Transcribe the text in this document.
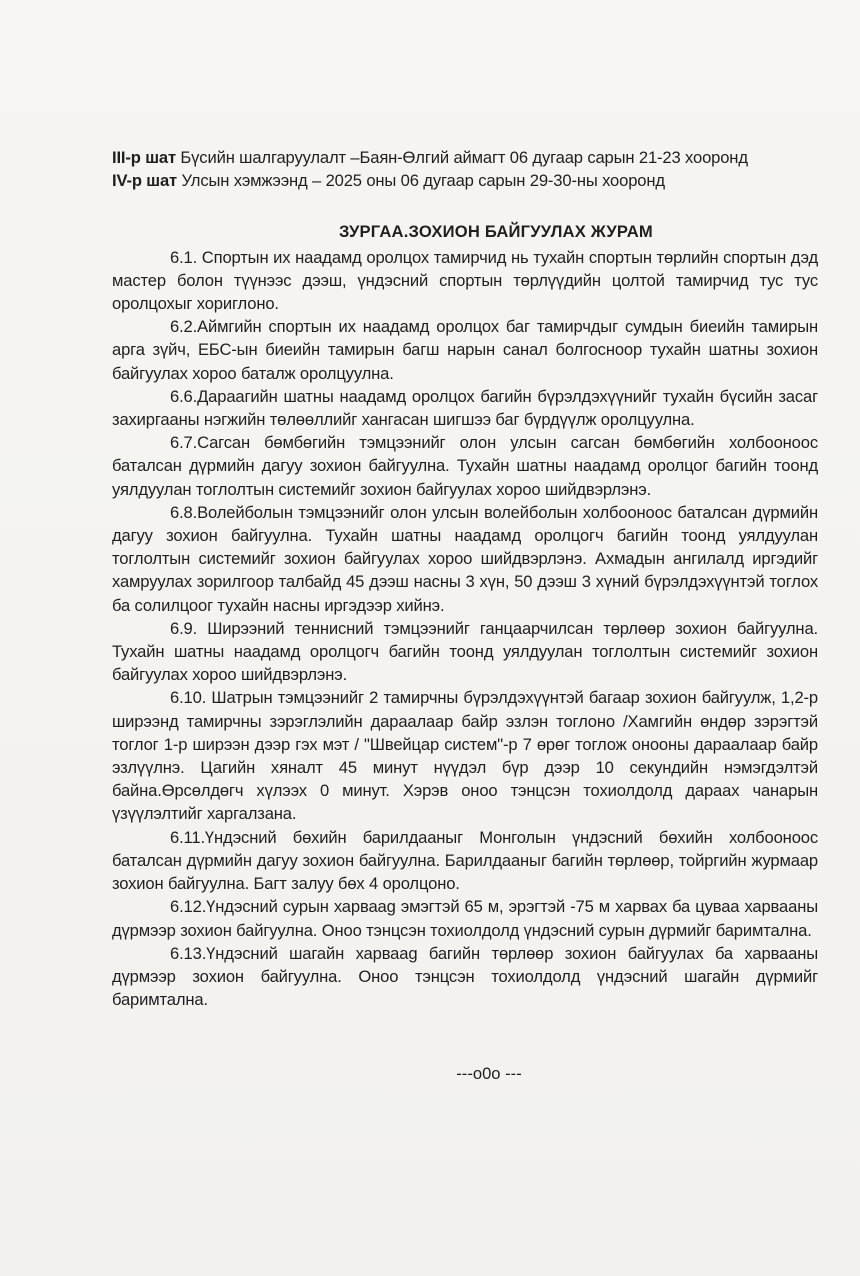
III-р шат Бүсийн шалгаруулалт –Баян-Өлгий аймагт 06 дугаар сарын 21-23 хооронд

IV-р шат Улсын хэмжээнд – 2025 оны 06 дугаар сарын 29-30-ны хооронд

ЗУРГАА.ЗОХИОН БАЙГУУЛАХ ЖУРАМ

6.1. Спортын их наадамд оролцох тамирчид нь тухайн спортын төрлийн спортын дэд мастер болон түүнээс дээш, үндэсний спортын төрлүүдийн цолтой тамирчид тус тус оролцохыг хориглоно.

6.2.Аймгийн спортын их наадамд оролцох баг тамирчдыг сумдын биеийн тамирын арга зүйч, ЕБС-ын биеийн тамирын багш нарын санал болгосноор тухайн шатны зохион байгуулах хороо баталж оролцуулна.

6.6.Дараагийн шатны наадамд оролцох багийн бүрэлдэхүүнийг тухайн бүсийн засаг захиргааны нэгжийн төлөөллийг хангасан шигшээ баг бүрдүүлж оролцуулна.

6.7.Сагсан бөмбөгийн тэмцээнийг олон улсын сагсан бөмбөгийн холбоонoос баталсан дүрмийн дагуу зохион байгуулна. Тухайн шатны наадамд оролцог багийн тоонд уялдуулан тоглолтын системийг зохион байгуулах хороо шийдвэрлэнэ.

6.8.Волейболын тэмцээнийг олон улсын волейболын холбоонoос баталсан дүрмийн дагуу зохион байгуулна. Тухайн шатны наадамд оролцогч багийн тоонд уялдуулан тоглолтын системийг зохион байгуулах хороо шийдвэрлэнэ. Ахмадын ангилалд иргэдийг хамруулах зорилгоор талбайд 45 дээш насны 3 хүн, 50 дээш 3 хүний бүрэлдэхүүнтэй тоглох ба солилцоог тухайн насны иргэдээр хийнэ.

6.9. Ширээний теннисний тэмцээнийг ганцаарчилсан төрлөөр зохион байгуулна. Тухайн шатны наадамд оролцогч багийн тоонд уялдуулан тоглолтын системийг зохион байгуулах хороо шийдвэрлэнэ.

6.10. Шатрын тэмцээнийг 2 тамирчны бүрэлдэхүүнтэй багаар зохион байгуулж, 1,2-р ширээнд тамирчны зэрэглэлийн дараалаар байр эзлэн тоглоно /Хамгийн өндөр зэрэгтэй тоглог 1-р ширээн дээр гэх мэт / "Швейцар систем"-р 7 өрөг тоглож онооны дараалаар байр эзлүүлнэ. Цагийн хяналт 45 минут нүүдэл бүр дээр 10 секундийн нэмэгдэлтэй байна.Өрсөлдөгч хүлээх 0 минут. Хэрэв оноо тэнцсэн тохиолдолд дараах чанарын үзүүлэлтийг харгалзана.

6.11.Үндэсний бөхийн барилдааныг Монголын үндэсний бөхийн холбоонoос баталсан дүрмийн дагуу зохион байгуулна. Барилдааныг багийн төрлөөр, тойргийн журмаар зохион байгуулна. Багт залуу бөх 4 оролцоно.

6.12.Үндэсний сурын харваag эмэгтэй 65 м, эрэгтэй -75 м харвах ба цуваа харваaны дүрмээр зохион байгуулна. Оноо тэнцсэн тохиолдолд үндэсний сурын дүрмийг баримтална.

6.13.Үндэсний шагайн харваag багийн төрлөөр зохион байгуулах ба харваaны дүрмээр зохион байгуулна. Оноо тэнцсэн тохиолдолд үндэсний шагайн дүрмийг баримтална.

---o0o ---
